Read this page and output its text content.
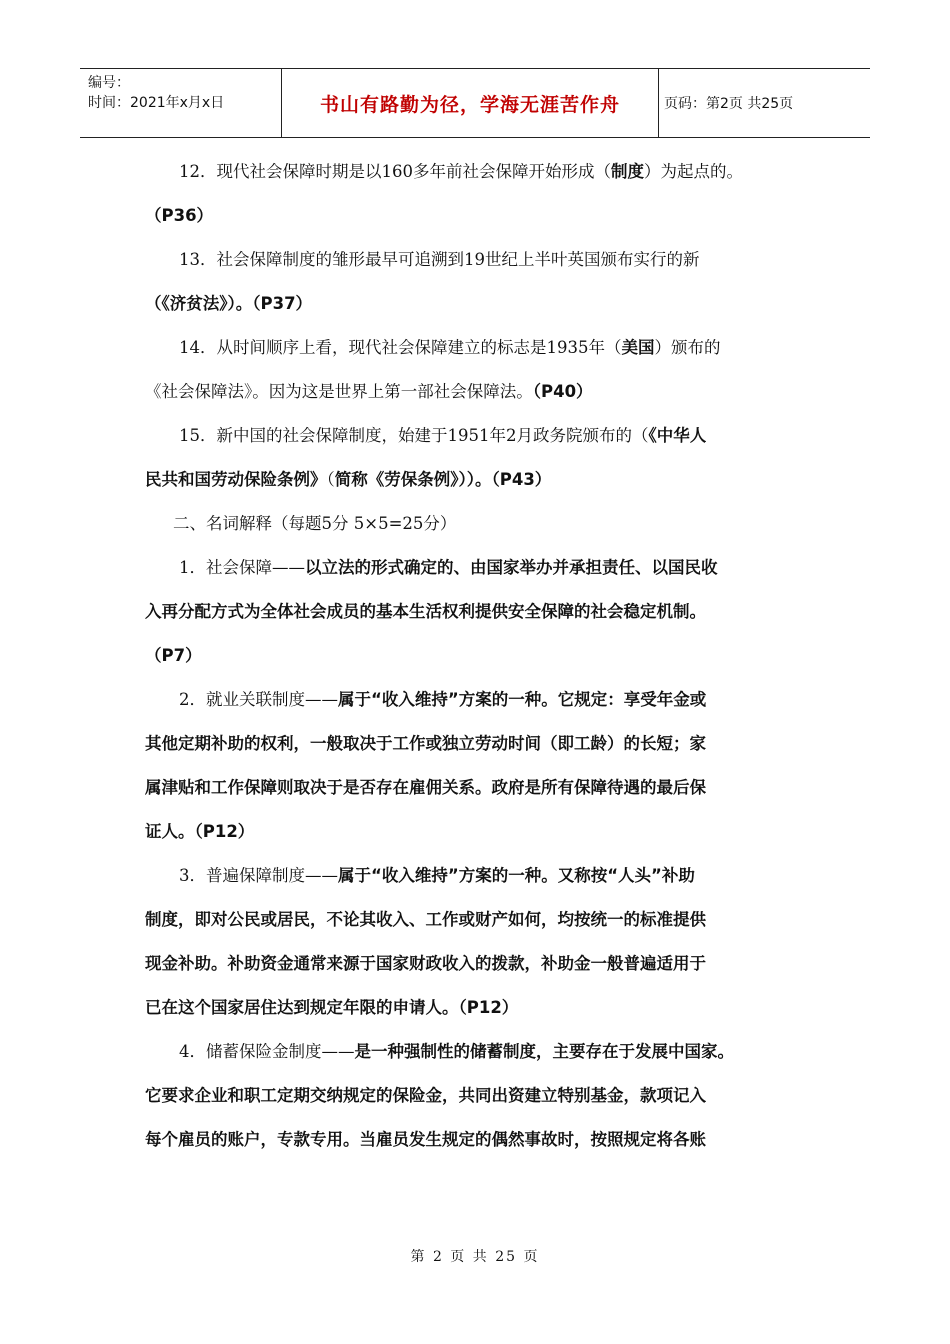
编号：
时间：2021年x月x日	书山有路勤为径，学海无涯苦作舟	页码：第2页 共25页
12．现代社会保障时期是以160多年前社会保障开始形成（制度）为起点的。
（P36）
13．社会保障制度的雏形最早可追溯到19世纪上半叶英国颁布实行的新
（《济贫法》）。（P37）
14．从时间顺序上看，现代社会保障建立的标志是1935年（美国）颁布的
《社会保障法》。因为这是世界上第一部社会保障法。（P40）
15．新中国的社会保障制度，始建于1951年2月政务院颁布的（《中华人
民共和国劳动保险条例》（简称《劳保条例》））。（P43）
二、名词解释（每题5分 5×5=25分）
1．社会保障——以立法的形式确定的、由国家举办并承担责任、以国民收
入再分配方式为全体社会成员的基本生活权利提供安全保障的社会稳定机制。
（P7）
2．就业关联制度——属于“收入维持”方案的一种。它规定：享受年金或
其他定期补助的权利，一般取决于工作或独立劳动时间（即工龄）的长短；家
属津贴和工作保障则取决于是否存在雇佣关系。政府是所有保障待遇的最后保
证人。（P12）
3．普遍保障制度——属于“收入维持”方案的一种。又称按“人头”补助
制度，即对公民或居民，不论其收入、工作或财产如何，均按统一的标准提供
现金补助。补助资金通常来源于国家财政收入的拨款，补助金一般普遍适用于
已在这个国家居住达到规定年限的申请人。（P12）
4．储蓄保险金制度——是一种强制性的储蓄制度，主要存在于发展中国家。
它要求企业和职工定期交纳规定的保险金，共同出资建立特别基金，款项记入
每个雇员的账户，专款专用。当雇员发生规定的偶然事故时，按照规定将各账
第 2 页 共 25 页
